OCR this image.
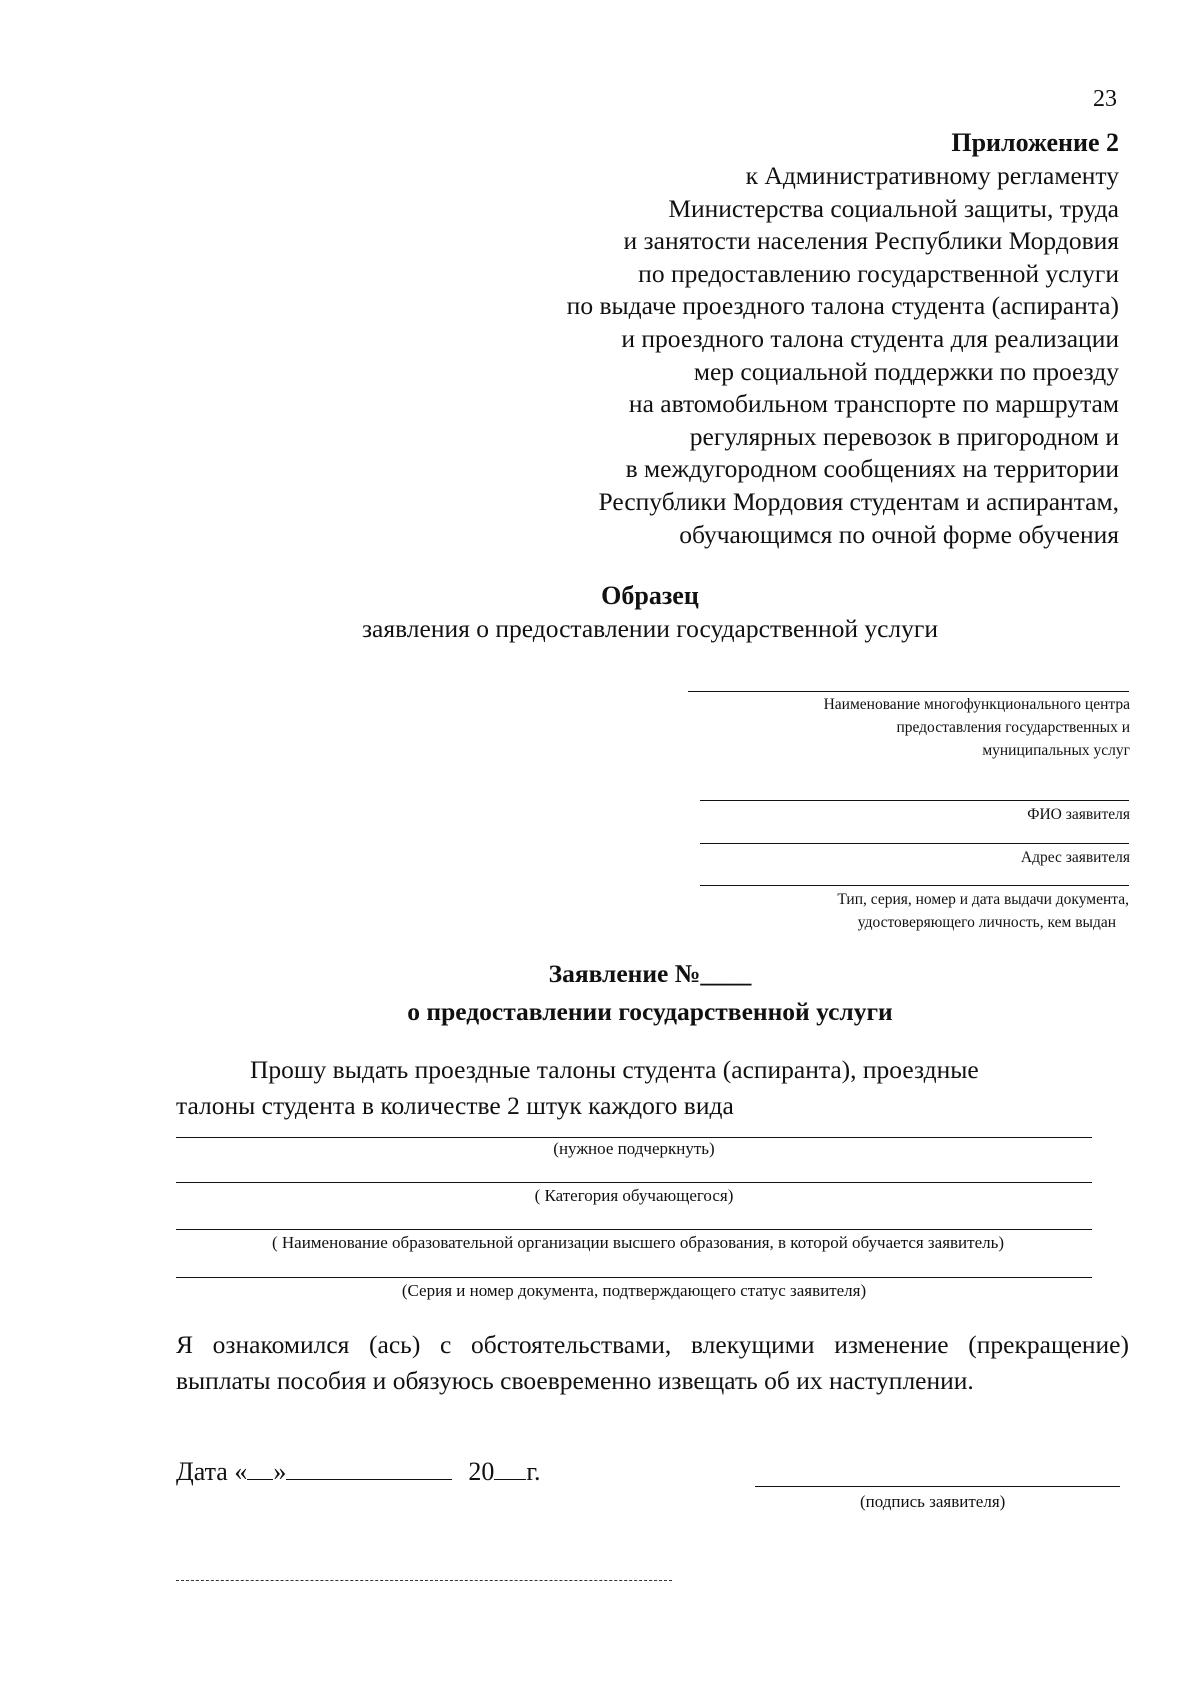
23
Приложение 2
к Административному регламенту
Министерства социальной защиты, труда
и занятости населения Республики Мордовия
по предоставлению государственной услуги
по выдаче проездного талона студента (аспиранта)
и проездного талона студента для реализации
мер социальной поддержки по проезду
на автомобильном транспорте по маршрутам
регулярных перевозок в пригородном и
в междугородном сообщениях на территории
Республики Мордовия студентам и аспирантам,
обучающимся по очной форме обучения
Образец
заявления о предоставлении государственной услуги
Наименование многофункционального центра
предоставления государственных и
муниципальных услуг
ФИО заявителя
Адрес заявителя
Тип, серия, номер и дата выдачи документа,
удостоверяющего личность, кем выдан
Заявление №____
о предоставлении государственной услуги
Прошу выдать проездные талоны студента (аспиранта), проездные
талоны студента в количестве 2 штук каждого вида
(нужное подчеркнуть)
( Категория обучающегося)
( Наименование образовательной организации высшего образования, в которой обучается заявитель)
(Серия и номер документа, подтверждающего статус заявителя)
Я ознакомился (ась) с обстоятельствами, влекущими изменение (прекращение) выплаты пособия и обязуюсь своевременно извещать об их наступлении.
Дата « »	20 г.
(подпись заявителя)
